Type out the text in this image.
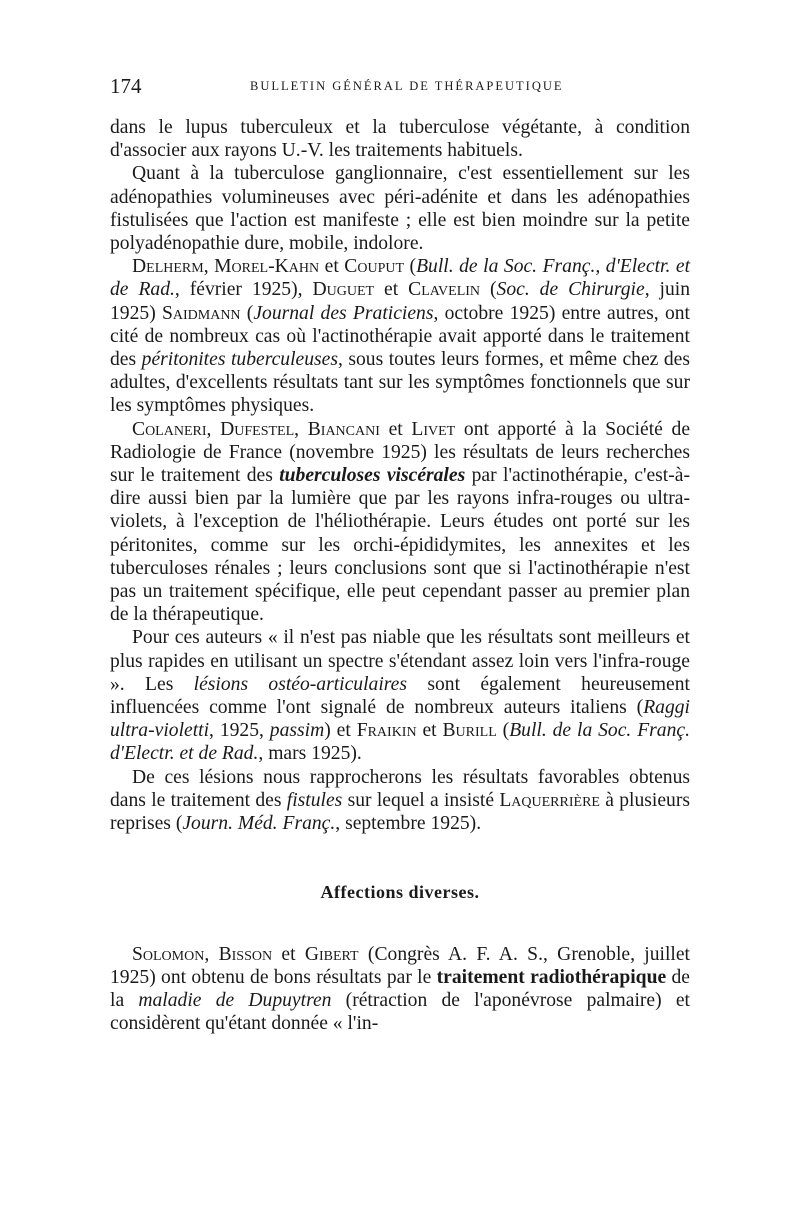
174	BULLETIN GÉNÉRAL DE THÉRAPEUTIQUE

dans le lupus tuberculeux et la tuberculose végétante, à condition d'associer aux rayons U.-V. les traitements habituels.

Quant à la tuberculose ganglionnaire, c'est essentiellement sur les adénopathies volumineuses avec péri-adénite et dans les adénopathies fistulisées que l'action est manifeste ; elle est bien moindre sur la petite polyadénopathie dure, mobile, indolore.

Delherm, Morel-Kahn et Couput (Bull. de la Soc. Franç., d'Electr. et de Rad., février 1925), Duguet et Clavelin (Soc. de Chirurgie, juin 1925) Saidmann (Journal des Praticiens, octobre 1925) entre autres, ont cité de nombreux cas où l'actinothérapie avait apporté dans le traitement des péritonites tuberculeuses, sous toutes leurs formes, et même chez des adultes, d'excellents résultats tant sur les symptômes fonctionnels que sur les symptômes physiques.

Colaneri, Dufestel, Biancani et Livet ont apporté à la Société de Radiologie de France (novembre 1925) les résultats de leurs recherches sur le traitement des tuberculoses viscérales par l'actinothérapie, c'est-à-dire aussi bien par la lumière que par les rayons infra-rouges ou ultra-violets, à l'exception de l'héliothérapie. Leurs études ont porté sur les péritonites, comme sur les orchi-épididymites, les annexites et les tuberculoses rénales ; leurs conclusions sont que si l'actinothérapie n'est pas un traitement spécifique, elle peut cependant passer au premier plan de la thérapeutique.

Pour ces auteurs « il n'est pas niable que les résultats sont meilleurs et plus rapides en utilisant un spectre s'étendant assez loin vers l'infra-rouge ». Les lésions ostéo-articulaires sont également heureusement influencées comme l'ont signalé de nombreux auteurs italiens (Raggi ultra-violetti, 1925, passim) et Fraikin et Burill (Bull. de la Soc. Franç. d'Electr. et de Rad., mars 1925).

De ces lésions nous rapprocherons les résultats favorables obtenus dans le traitement des fistules sur lequel a insisté Laquerrière à plusieurs reprises (Journ. Méd. Franç., septembre 1925).

Affections diverses.

Solomon, Bisson et Gibert (Congrès A. F. A. S., Grenoble, juillet 1925) ont obtenu de bons résultats par le traitement radiothérapique de la maladie de Dupuytren (rétraction de l'aponévrose palmaire) et considèrent qu'étant donnée « l'in-
